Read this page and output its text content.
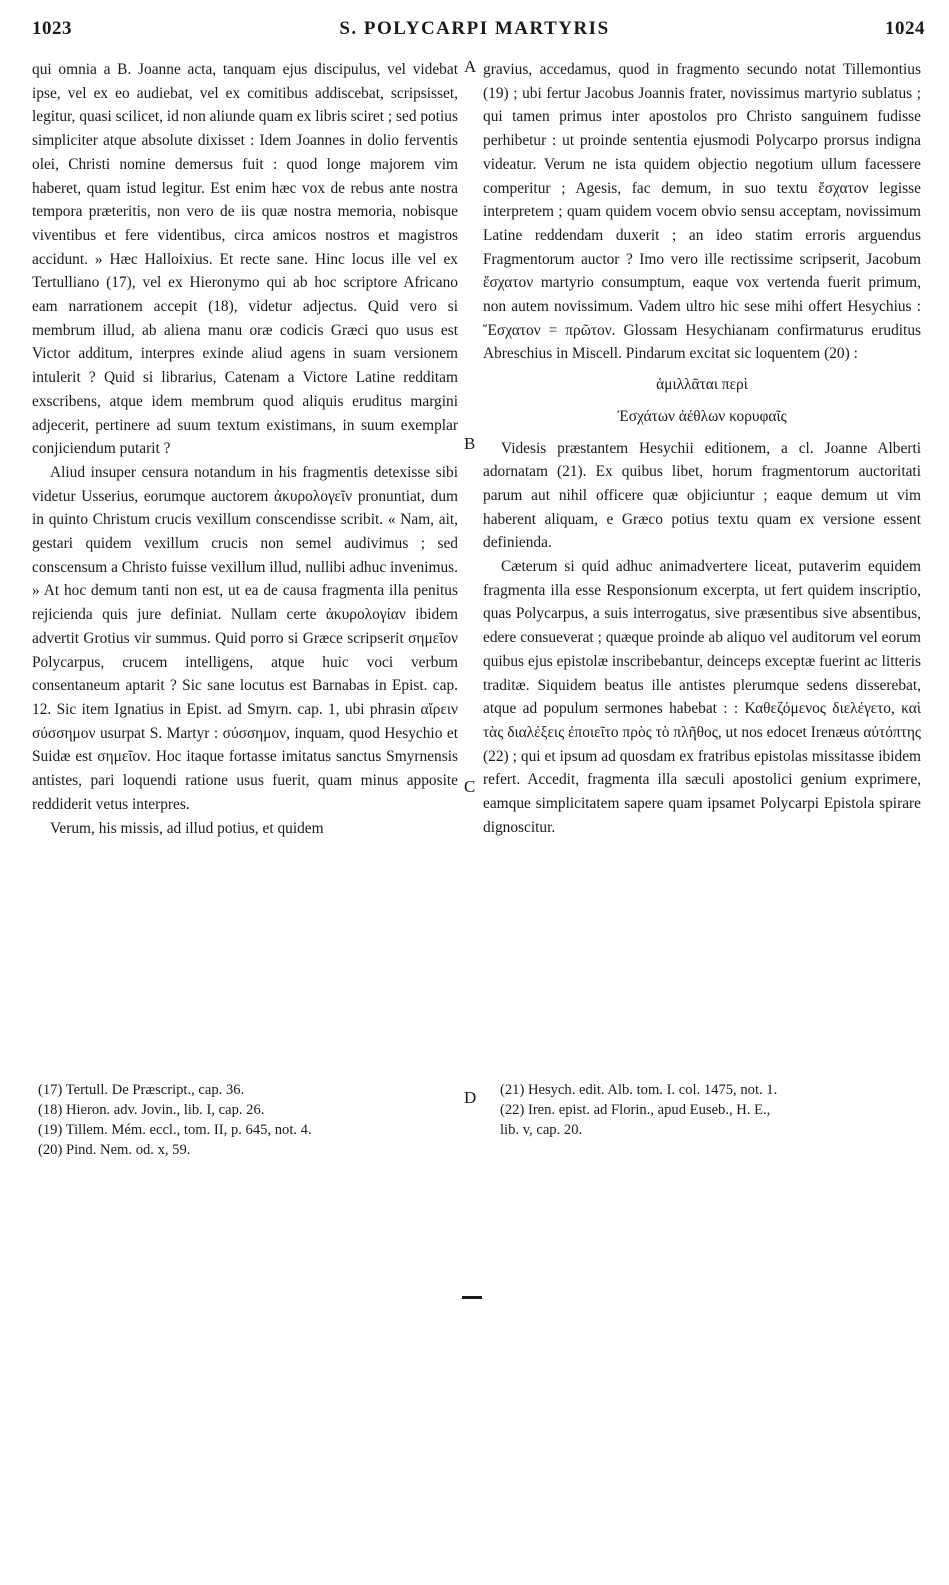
1023	S. POLYCARPI MARTYRIS	1024

qui omnia a B. Joanne acta, tanquam ejus discipulus, vel videbat ipse, vel ex eo audiebat, vel ex comitibus addiscebat, scripsisset, legitur, quasi scilicet, id non aliunde quam ex libris sciret ; sed potius simpliciter atque absolute dixisset : Idem Joannes in dolio ferventis olei, Christi nomine demersus fuit : quod longe majorem vim haberet, quam istud legitur. Est enim hæc vox de rebus ante nostra tempora præteritis, non vero de iis quæ nostra memoria, nobisque viventibus et fere videntibus, circa amicos nostros et magistros accidunt. » Hæc Halloixius. Et recte sane. Hinc locus ille vel ex Tertulliano (17), vel ex Hieronymo qui ab hoc scriptore Africano eam narrationem accepit (18), videtur adjectus. Quid vero si membrum illud, ab aliena manu oræ codicis Græci quo usus est Victor additum, interpres exinde aliud agens in suam versionem intulerit ? Quid si librarius, Catenam a Victore Latine redditam exscribens, atque idem membrum quod aliquis eruditus margini adjecerit, pertinere ad suum textum existimans, in suum exemplar conjiciendum putarit ?

Aliud insuper censura notandum in his fragmentis detexisse sibi videtur Usserius, eorumque auctorem ἀκυρολογεῖν pronuntiat, dum in quinto Christum crucis vexillum conscendisse scribit. « Nam, ait, gestari quidem vexillum crucis non semel audivimus ; sed conscensum a Christo fuisse vexillum illud, nullibi adhuc invenimus. » At hoc demum tanti non est, ut ea de causa fragmenta illa penitus rejicienda quis jure definiat. Nullam certe ἀκυρολογίαν ibidem advertit Grotius vir summus. Quid porro si Græce scripserit σημεῖον Polycarpus, crucem intelligens, atque huic voci verbum consentaneum aptarit ? Sic sane locutus est Barnabas in Epist. cap. 12. Sic item Ignatius in Epist. ad Smyrn. cap. 1, ubi phrasin αἴρειν σύσσημον usurpat S. Martyr : σύσσημον, inquam, quod Hesychio et Suidæ est σημεῖον. Hoc itaque fortasse imitatus sanctus Smyrnensis antistes, pari loquendi ratione usus fuerit, quam minus apposite reddiderit vetus interpres.

Verum, his missis, ad illud potius, et quidem

A
B
C
D

gravius, accedamus, quod in fragmento secundo notat Tillemontius (19) ; ubi fertur Jacobus Joannis frater, novissimus martyrio sublatus ; qui tamen primus inter apostolos pro Christo sanguinem fudisse perhibetur : ut proinde sententia ejusmodi Polycarpo prorsus indigna videatur. Verum ne ista quidem objectio negotium ullum facessere comperitur ; Agesis, fac demum, in suo textu ἔσχατον legisse interpretem ; quam quidem vocem obvio sensu acceptam, novissimum Latine reddendam duxerit ; an ideo statim erroris arguendus Fragmentorum auctor ? Imo vero ille rectissime scripserit, Jacobum ἔσχατον martyrio consumptum, eaque vox vertenda fuerit primum, non autem novissimum. Vadem ultro hic sese mihi offert Hesychius : Ἔσχατον = πρῶτον. Glossam Hesychianam confirmaturus eruditus Abreschius in Miscell. Pindarum excitat sic loquentem (20) :

ἁμιλλᾶται περὶ
Ἐσχάτων ἀέθλων κορυφαῖς

Videsis præstantem Hesychii editionem, a cl. Joanne Alberti adornatam (21). Ex quibus libet, horum fragmentorum auctoritati parum aut nihil officere quæ objiciuntur ; eaque demum ut vim haberent aliquam, e Græco potius textu quam ex versione essent definienda.

Cæterum si quid adhuc animadvertere liceat, putaverim equidem fragmenta illa esse Responsionum excerpta, ut fert quidem inscriptio, quas Polycarpus, a suis interrogatus, sive præsentibus sive absentibus, edere consueverat ; quæque proinde ab aliquo vel auditorum vel eorum quibus ejus epistolæ inscribebantur, deinceps exceptæ fuerint ac litteris traditæ. Siquidem beatus ille antistes plerumque sedens disserebat, atque ad populum sermones habebat : : Καθεζόμενος διελέγετο, καὶ τὰς διαλέξεις ἐποιεῖτο πρὸς τὸ πλῆθος, ut nos edocet Irenæus αὐτόπτης (22) ; qui et ipsum ad quosdam ex fratribus epistolas missitasse ibidem refert. Accedit, fragmenta illa sæculi apostolici genium exprimere, eamque simplicitatem sapere quam ipsamet Polycarpi Epistola spirare dignoscitur.

(17) Tertull. De Præscript., cap. 36.
(18) Hieron. adv. Jovin., lib. I, cap. 26.
(19) Tillem. Mém. eccl., tom. II, p. 645, not. 4.
(20) Pind. Nem. od. x, 59.
(21) Hesych. edit. Alb. tom. I. col. 1475, not. 1.
(22) Iren. epist. ad Florin., apud Euseb., H. E.,
lib. v, cap. 20.
